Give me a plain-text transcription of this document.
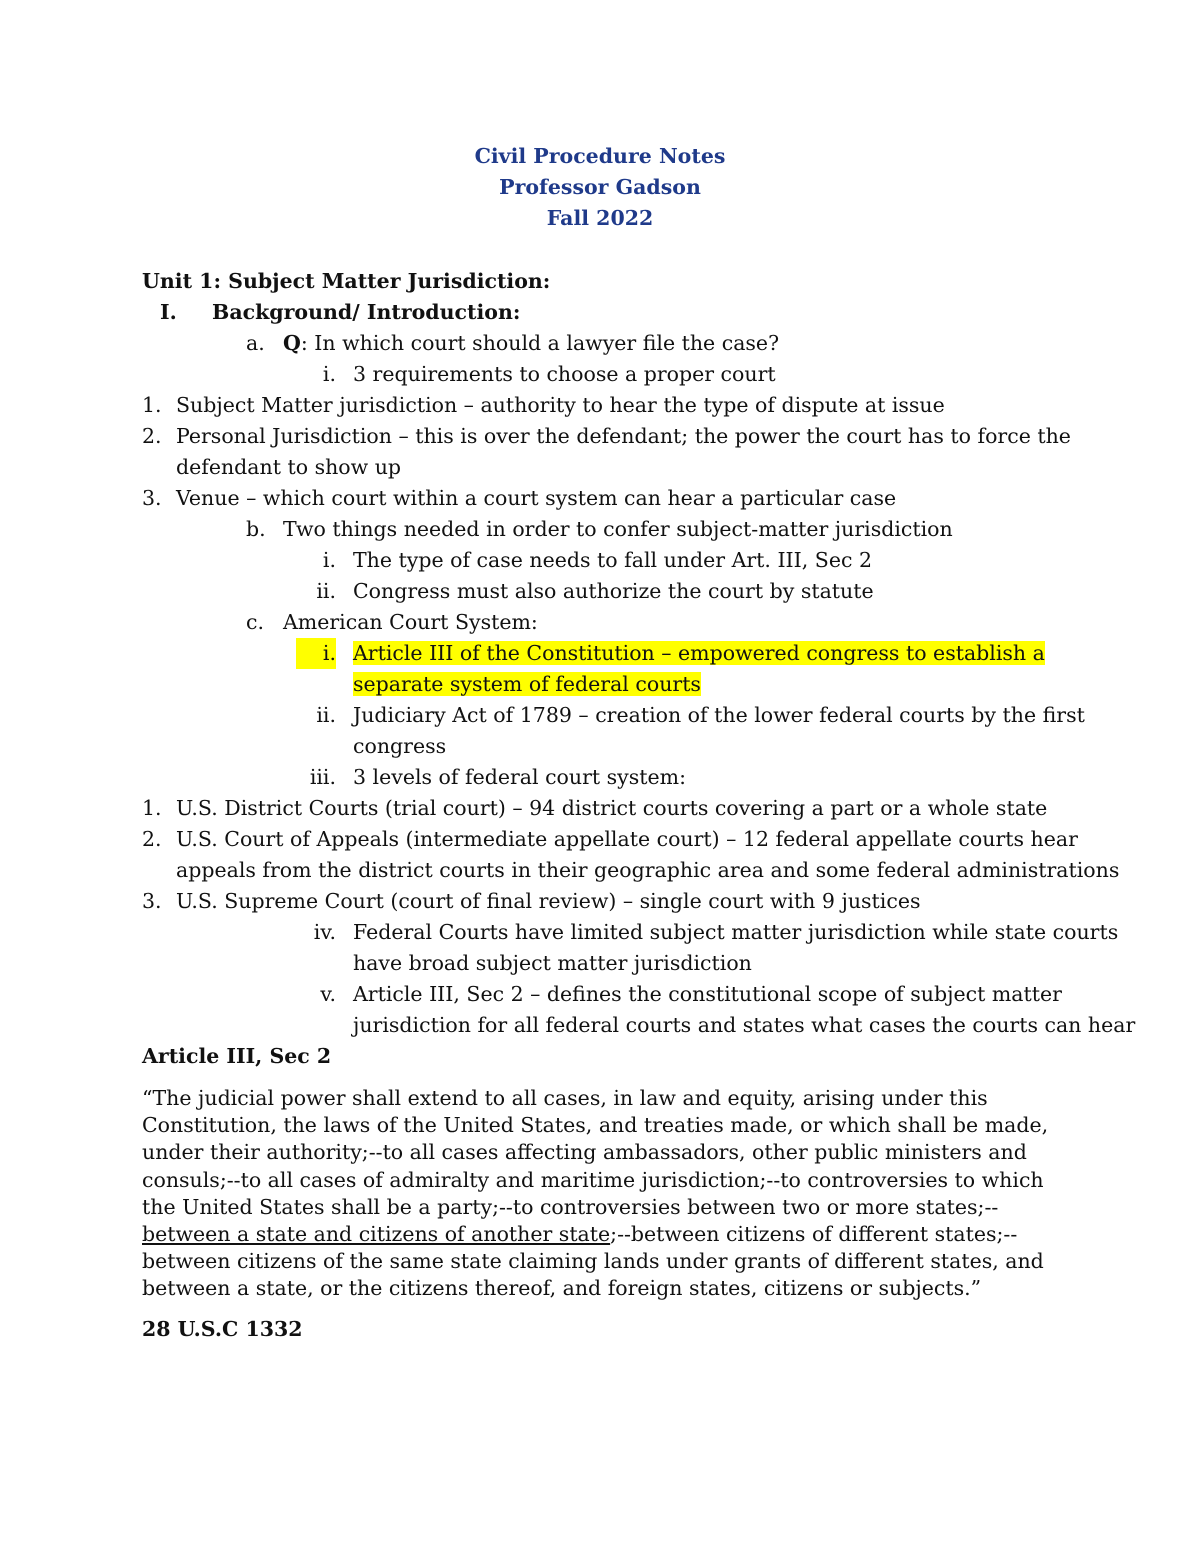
Civil Procedure Notes
Professor Gadson
Fall 2022
Unit 1: Subject Matter Jurisdiction:
I. Background/ Introduction:
a. Q: In which court should a lawyer file the case?
i. 3 requirements to choose a proper court
1. Subject Matter jurisdiction – authority to hear the type of dispute at issue
2. Personal Jurisdiction – this is over the defendant; the power the court has to force the
defendant to show up
3. Venue – which court within a court system can hear a particular case
b. Two things needed in order to confer subject-matter jurisdiction
i. The type of case needs to fall under Art. III, Sec 2
ii. Congress must also authorize the court by statute
c. American Court System:
i. Article III of the Constitution – empowered congress to establish a
separate system of federal courts
ii. Judiciary Act of 1789 – creation of the lower federal courts by the first
congress
iii. 3 levels of federal court system:
1. U.S. District Courts (trial court) – 94 district courts covering a part or a whole state
2. U.S. Court of Appeals (intermediate appellate court) – 12 federal appellate courts hear
appeals from the district courts in their geographic area and some federal administrations
3. U.S. Supreme Court (court of final review) – single court with 9 justices
iv. Federal Courts have limited subject matter jurisdiction while state courts
have broad subject matter jurisdiction
v. Article III, Sec 2 – defines the constitutional scope of subject matter
jurisdiction for all federal courts and states what cases the courts can hear
Article III, Sec 2
“The judicial power shall extend to all cases, in law and equity, arising under this Constitution, the laws of the United States, and treaties made, or which shall be made, under their authority;--to all cases affecting ambassadors, other public ministers and consuls;--to all cases of admiralty and maritime jurisdiction;--to controversies to which the United States shall be a party;--to controversies between two or more states;--between a state and citizens of another state;--between citizens of different states;--between citizens of the same state claiming lands under grants of different states, and between a state, or the citizens thereof, and foreign states, citizens or subjects.”
28 U.S.C 1332
